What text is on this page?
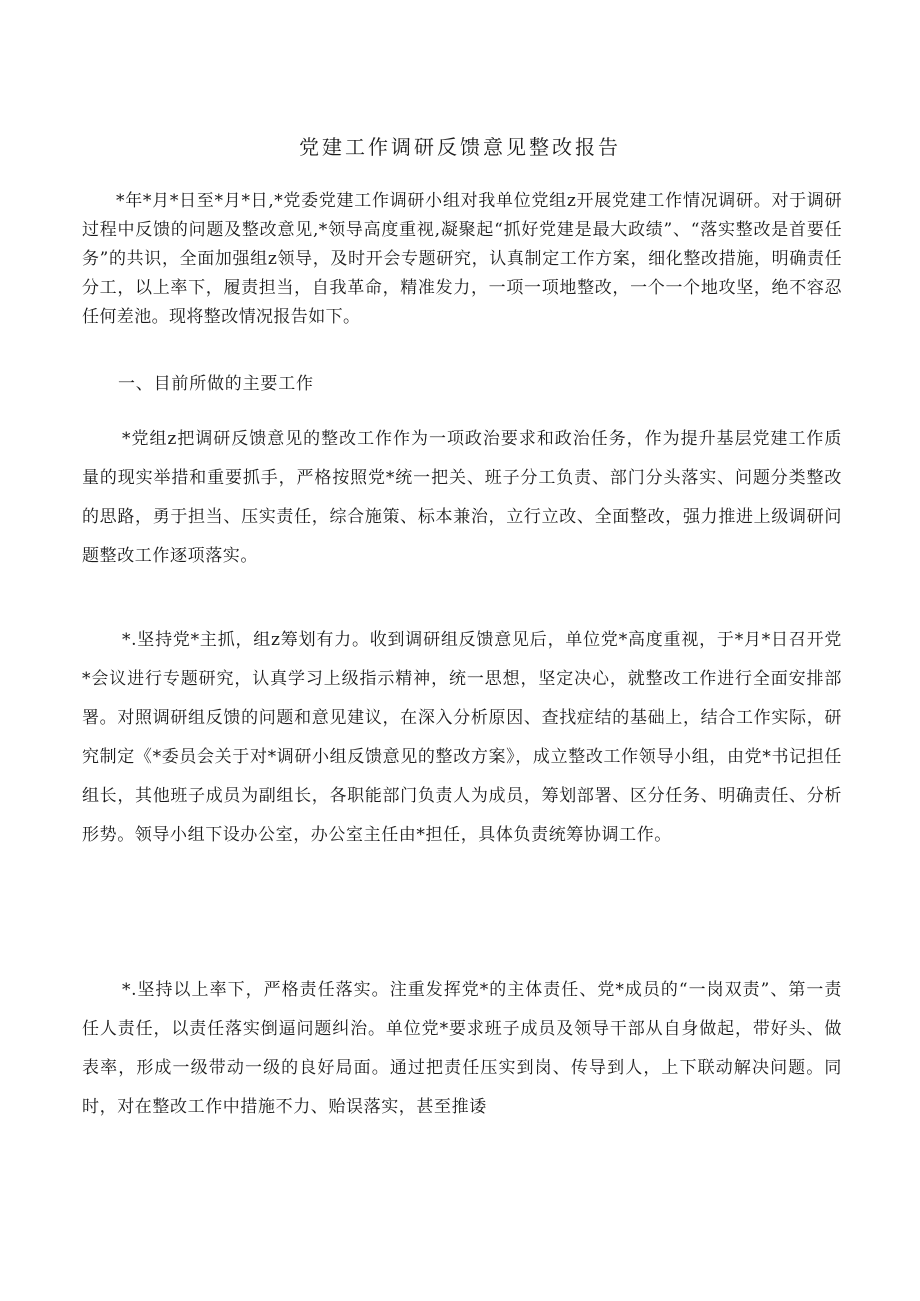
党建工作调研反馈意见整改报告

*年*月*日至*月*日,*党委党建工作调研小组对我单位党组z开展党建工作情况调研。对于调研过程中反馈的问题及整改意见,*领导高度重视,凝聚起“抓好党建是最大政绩”、“落实整改是首要任务”的共识，全面加强组z领导，及时开会专题研究，认真制定工作方案，细化整改措施，明确责任分工，以上率下，履责担当，自我革命，精准发力，一项一项地整改，一个一个地攻坚，绝不容忍任何差池。现将整改情况报告如下。

一、目前所做的主要工作

*党组z把调研反馈意见的整改工作作为一项政治要求和政治任务，作为提升基层党建工作质量的现实举措和重要抓手，严格按照党*统一把关、班子分工负责、部门分头落实、问题分类整改的思路，勇于担当、压实责任，综合施策、标本兼治，立行立改、全面整改，强力推进上级调研问题整改工作逐项落实。

*.坚持党*主抓，组z筹划有力。收到调研组反馈意见后，单位党*高度重视，于*月*日召开党*会议进行专题研究，认真学习上级指示精神，统一思想，坚定决心，就整改工作进行全面安排部署。对照调研组反馈的问题和意见建议，在深入分析原因、查找症结的基础上，结合工作实际，研究制定《*委员会关于对*调研小组反馈意见的整改方案》，成立整改工作领导小组，由党*书记担任组长，其他班子成员为副组长，各职能部门负责人为成员，筹划部署、区分任务、明确责任、分析形势。领导小组下设办公室，办公室主任由*担任，具体负责统筹协调工作。

*.坚持以上率下，严格责任落实。注重发挥党*的主体责任、党*成员的“一岗双责”、第一责任人责任，以责任落实倒逼问题纠治。单位党*要求班子成员及领导干部从自身做起，带好头、做表率，形成一级带动一级的良好局面。通过把责任压实到岗、传导到人，上下联动解决问题。同时，对在整改工作中措施不力、贻误落实，甚至推诿
